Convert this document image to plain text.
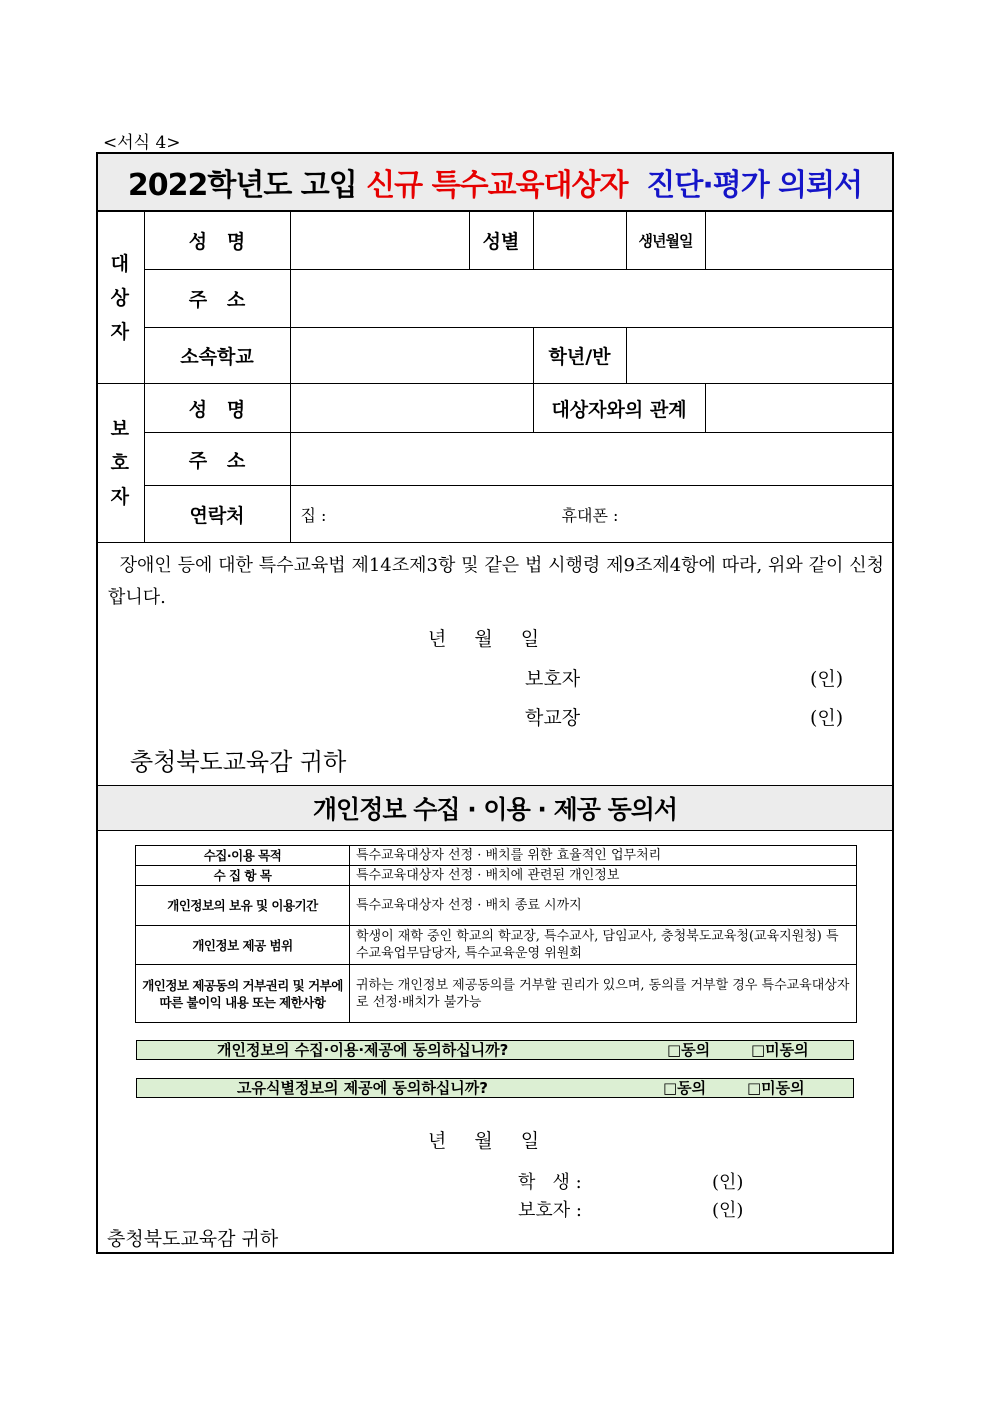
<서식 4>
2022학년도 고입 신규 특수교육대상자 진단·평가 의뢰서
대
상
자	성   명		성별		생년월일	
	주   소					
	소속학교			학년/반		

보
호
자	성   명			대상자와의 관계		
	주   소					
	연락처	집 : 휴대폰 :				
장애인 등에 대한 특수교육법 제14조제3항 및 같은 법 시행령 제9조제4항에 따라, 위와 같이 신청합니다.
년 월 일
보호자	(인)
학교장	(인)
충청북도교육감 귀하
개인정보 수집 · 이용 · 제공 동의서
수집·이용 목적	특수교육대상자 선정 · 배치를 위한 효율적인 업무처리
수 집 항 목	특수교육대상자 선정 · 배치에 관련된 개인정보
개인정보의 보유 및 이용기간	특수교육대상자 선정 · 배치 종료 시까지
개인정보 제공 범위	학생이 재학 중인 학교의 학교장, 특수교사, 담임교사, 충청북도교육청(교육지원청) 특수교육업무담당자, 특수교육운영 위원회
개인정보 제공동의 거부권리 및 거부에 따른 불이익 내용 또는 제한사항	귀하는 개인정보 제공동의를 거부할 권리가 있으며, 동의를 거부할 경우 특수교육대상자로 선정·배치가 불가능
개인정보의 수집·이용·제공에 동의하십니까?	□동의	□미동의
고유식별정보의 제공에 동의하십니까?	□동의	□미동의
년 월 일
학   생 :	(인)
보호자 :	(인)
충청북도교육감 귀하
